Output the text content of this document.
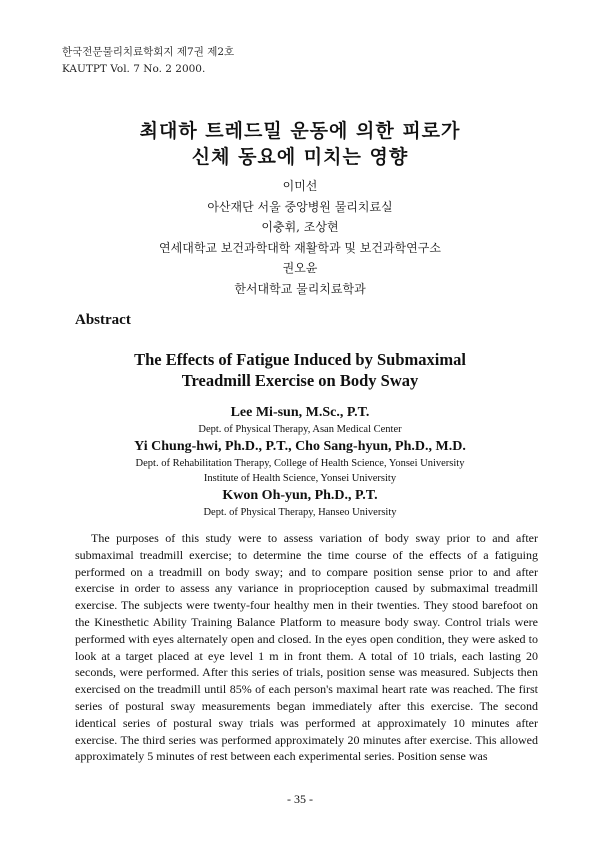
한국전문물리치료학회지 제7권 제2호
KAUTPT Vol. 7 No. 2 2000.
최대하 트레드밀 운동에 의한 피로가
신체 동요에 미치는 영향
이미선
아산재단 서울 중앙병원 물리치료실
이충휘, 조상현
연세대학교 보건과학대학 재활학과 및 보건과학연구소
권오윤
한서대학교 물리치료학과
Abstract
The Effects of Fatigue Induced by Submaximal
Treadmill Exercise on Body Sway
Lee Mi-sun, M.Sc., P.T.
Dept. of Physical Therapy, Asan Medical Center
Yi Chung-hwi, Ph.D., P.T., Cho Sang-hyun, Ph.D., M.D.
Dept. of Rehabilitation Therapy, College of Health Science, Yonsei University
Institute of Health Science, Yonsei University
Kwon Oh-yun, Ph.D., P.T.
Dept. of Physical Therapy, Hanseo University

The purposes of this study were to assess variation of body sway prior to and after submaximal treadmill exercise; to determine the time course of the effects of a fatiguing performed on a treadmill on body sway; and to compare position sense prior to and after exercise in order to assess any variance in proprioception caused by submaximal treadmill exercise. The subjects were twenty-four healthy men in their twenties. They stood barefoot on the Kinesthetic Ability Training Balance Platform to measure body sway. Control trials were performed with eyes alternately open and closed. In the eyes open condition, they were asked to look at a target placed at eye level 1 m in front them. A total of 10 trials, each lasting 20 seconds, were performed. After this series of trials, position sense was measured. Subjects then exercised on the treadmill until 85% of each person's maximal heart rate was reached. The first series of postural sway measurements began immediately after this exercise. The second identical series of postural sway trials was performed at approximately 10 minutes after exercise. The third series was performed approximately 20 minutes after exercise. This allowed approximately 5 minutes of rest between each experimental series. Position sense was

- 35 -
